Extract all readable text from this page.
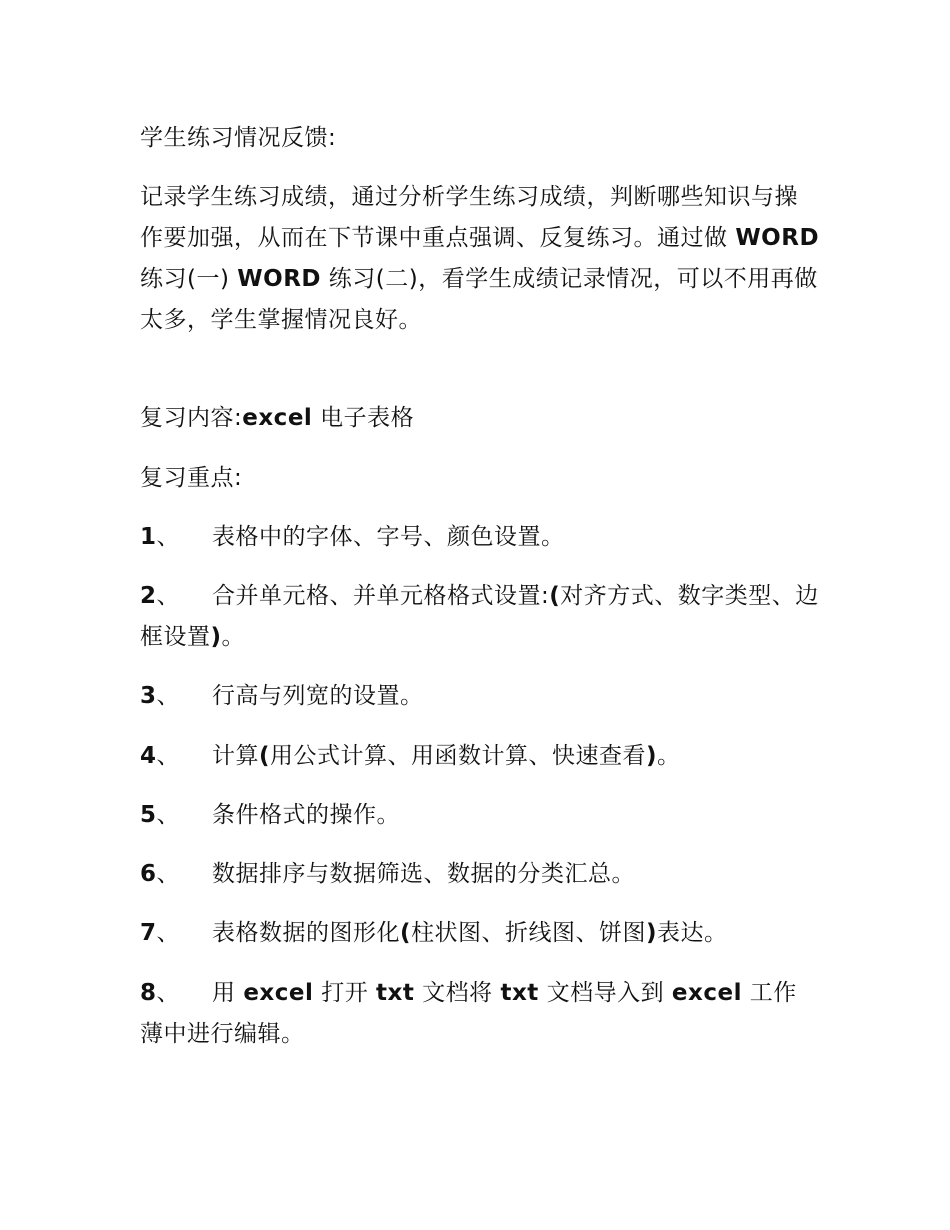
学生练习情况反馈:
记录学生练习成绩，通过分析学生练习成绩，判断哪些知识与操作要加强，从而在下节课中重点强调、反复练习。通过做 WORD 练习(一) WORD 练习(二)，看学生成绩记录情况，可以不用再做太多，学生掌握情况良好。
复习内容:excel 电子表格
复习重点:
1、 表格中的字体、字号、颜色设置。
2、 合并单元格、并单元格格式设置:(对齐方式、数字类型、边框设置)。
3、 行高与列宽的设置。
4、 计算(用公式计算、用函数计算、快速查看)。
5、 条件格式的操作。
6、 数据排序与数据筛选、数据的分类汇总。
7、 表格数据的图形化(柱状图、折线图、饼图)表达。
8、 用 excel 打开 txt 文档将 txt 文档导入到 excel 工作薄中进行编辑。
